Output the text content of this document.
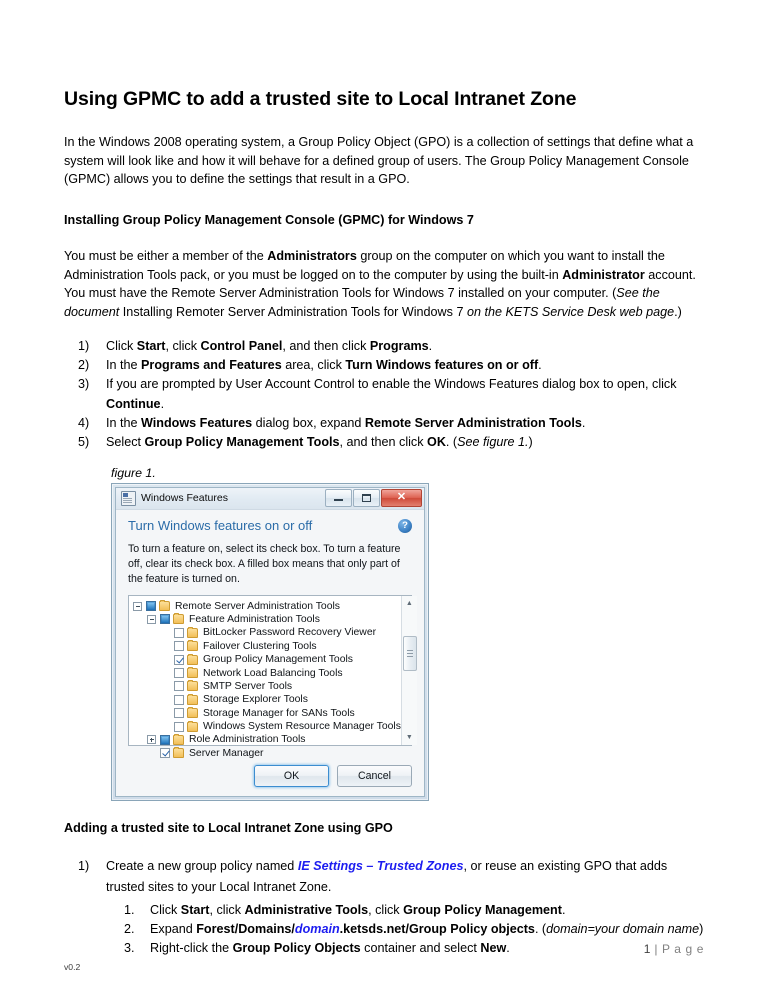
Using GPMC to add a trusted site to Local Intranet Zone

In the Windows 2008 operating system, a Group Policy Object (GPO) is a collection of settings that define what a system will look like and how it will behave for a defined group of users. The Group Policy Management Console (GPMC) allows you to define the settings that result in a GPO.

Installing Group Policy Management Console (GPMC) for Windows 7

You must be either a member of the Administrators group on the computer on which you want to install the Administration Tools pack, or you must be logged on to the computer by using the built-in Administrator account. You must have the Remote Server Administration Tools for Windows 7 installed on your computer. (See the document Installing Remoter Server Administration Tools for Windows 7 on the KETS Service Desk web page.)

1)	Click Start, click Control Panel, and then click Programs.
2)	In the Programs and Features area, click Turn Windows features on or off.
3)	If you are prompted by User Account Control to enable the Windows Features dialog box to open, click Continue.
4)	In the Windows Features dialog box, expand Remote Server Administration Tools.
5)	Select Group Policy Management Tools, and then click OK. (See figure 1.)
figure 1.
Windows Features	✕
Turn Windows features on or off	?

To turn a feature on, select its check box. To turn a feature off, clear its check box. A filled box means that only part of the feature is turned on.

Remote Server Administration Tools
Feature Administration Tools
BitLocker Password Recovery Viewer
Failover Clustering Tools
Group Policy Management Tools
Network Load Balancing Tools
SMTP Server Tools
Storage Explorer Tools
Storage Manager for SANs Tools
Windows System Resource Manager Tools
Role Administration Tools
Server Manager
▲
▼
OK	Cancel
Adding a trusted site to Local Intranet Zone using GPO
1)	Create a new group policy named IE Settings – Trusted Zones, or reuse an existing GPO that adds trusted sites to your Local Intranet Zone.
1.	Click Start, click Administrative Tools, click Group Policy Management.
2.	Expand Forest/Domains/domain.ketsds.net/Group Policy objects. (domain=your domain name)
3.	Right-click the Group Policy Objects container and select New.	1 | P a g e
v0.2
